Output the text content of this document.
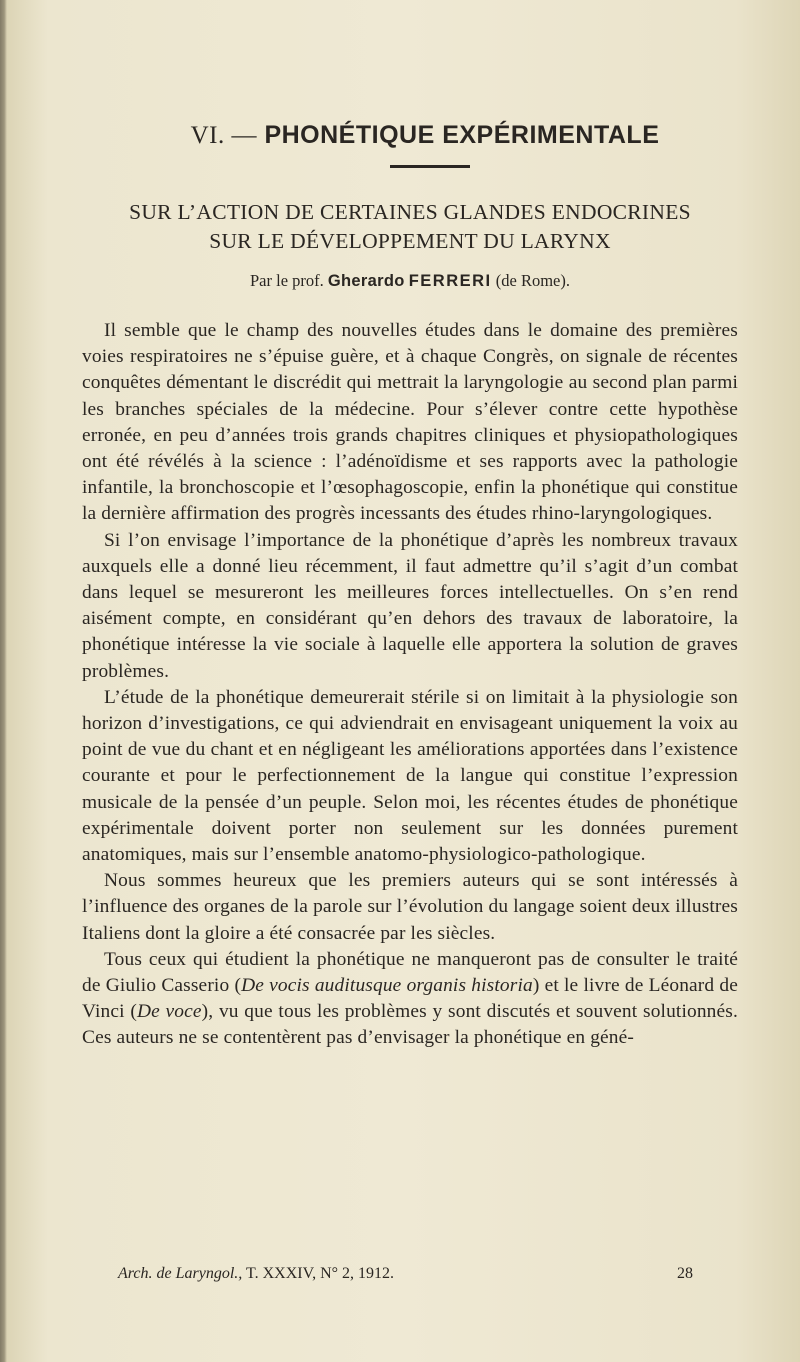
VI. — PHONÉTIQUE EXPÉRIMENTALE
SUR L’ACTION DE CERTAINES GLANDES ENDOCRINES
SUR LE DÉVELOPPEMENT DU LARYNX
Par le prof. Gherardo FERRERI (de Rome).

Il semble que le champ des nouvelles études dans le domaine des premières voies respiratoires ne s’épuise guère, et à chaque Congrès, on signale de récentes conquêtes démentant le discrédit qui mettrait la laryngologie au second plan parmi les branches spéciales de la médecine. Pour s’élever contre cette hypothèse erronée, en peu d’années trois grands chapitres cliniques et physiopathologiques ont été révélés à la science : l’adénoïdisme et ses rapports avec la pathologie infantile, la bronchoscopie et l’œsophagoscopie, enfin la phonétique qui constitue la dernière affirmation des progrès incessants des études rhino-laryngologiques.

Si l’on envisage l’importance de la phonétique d’après les nombreux travaux auxquels elle a donné lieu récemment, il faut admettre qu’il s’agit d’un combat dans lequel se mesureront les meilleures forces intellectuelles. On s’en rend aisément compte, en considérant qu’en dehors des travaux de laboratoire, la phonétique intéresse la vie sociale à laquelle elle apportera la solution de graves problèmes.

L’étude de la phonétique demeurerait stérile si on limitait à la physiologie son horizon d’investigations, ce qui adviendrait en envisageant uniquement la voix au point de vue du chant et en négligeant les améliorations apportées dans l’existence courante et pour le perfectionnement de la langue qui constitue l’expression musicale de la pensée d’un peuple. Selon moi, les récentes études de phonétique expérimentale doivent porter non seulement sur les données purement anatomiques, mais sur l’ensemble anatomo-physiologico-pathologique.

Nous sommes heureux que les premiers auteurs qui se sont intéressés à l’influence des organes de la parole sur l’évolution du langage soient deux illustres Italiens dont la gloire a été consacrée par les siècles.

Tous ceux qui étudient la phonétique ne manqueront pas de consulter le traité de Giulio Casserio (De vocis auditusque organis historia) et le livre de Léonard de Vinci (De voce), vu que tous les problèmes y sont discutés et souvent solutionnés. Ces auteurs ne se contentèrent pas d’envisager la phonétique en géné-

Arch. de Laryngol., T. XXXIV, N° 2, 1912.	28
